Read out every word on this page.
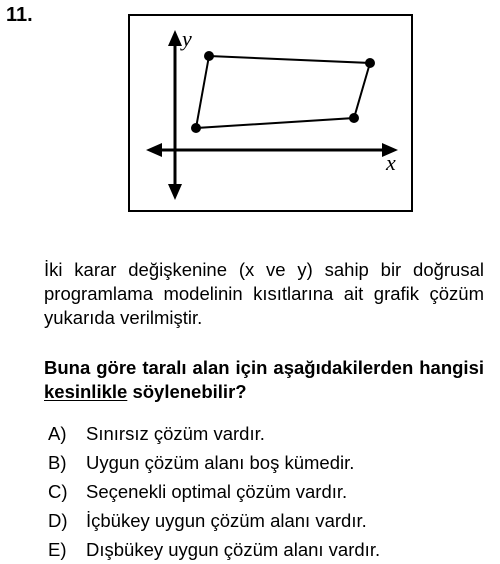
11.
y
x
İki karar değişkenine (x ve y) sahip bir doğrusal programlama modelinin kısıtlarına ait grafik çözüm yukarıda verilmiştir.
Buna göre taralı alan için aşağıdakilerden hangisi kesinlikle söylenebilir?
A) Sınırsız çözüm vardır.
B) Uygun çözüm alanı boş kümedir.
C) Seçenekli optimal çözüm vardır.
D) İçbükey uygun çözüm alanı vardır.
E) Dışbükey uygun çözüm alanı vardır.
